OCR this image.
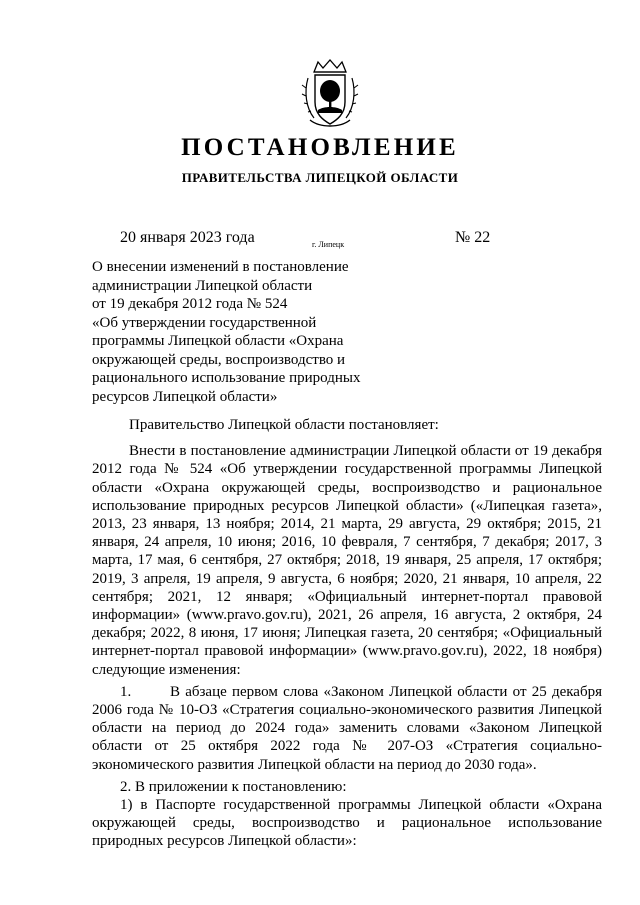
ПОСТАНОВЛЕНИЕ
ПРАВИТЕЛЬСТВА ЛИПЕЦКОЙ ОБЛАСТИ
20 января 2023 года	г. Липецк	№ 22
О внесении изменений в постановление
администрации Липецкой области
от 19 декабря 2012 года № 524
«Об утверждении государственной
программы Липецкой области «Охрана
окружающей среды, воспроизводство и
рационального использование природных
ресурсов Липецкой области»

Правительство Липецкой области постановляет:

Внести в постановление администрации Липецкой области от 19 декабря 2012 года № 524 «Об утверждении государственной программы Липецкой области «Охрана окружающей среды, воспроизводство и рациональное использование природных ресурсов Липецкой области» («Липецкая газета», 2013, 23 января, 13 ноября; 2014, 21 марта, 29 августа, 29 октября; 2015, 21 января, 24 апреля, 10 июня; 2016, 10 февраля, 7 сентября, 7 декабря; 2017, 3 марта, 17 мая, 6 сентября, 27 октября; 2018, 19 января, 25 апреля, 17 октября; 2019, 3 апреля, 19 апреля, 9 августа, 6 ноября; 2020, 21 января, 10 апреля, 22 сентября; 2021, 12 января; «Официальный интернет-портал правовой информации» (www.pravo.gov.ru), 2021, 26 апреля, 16 августа, 2 октября, 24 декабря; 2022, 8 июня, 17 июня; Липецкая газета, 20 сентября; «Официальный интернет-портал правовой информации» (www.pravo.gov.ru), 2022, 18 ноября) следующие изменения:

1.	В абзаце первом слова «Законом Липецкой области от 25 декабря 2006 года № 10-ОЗ «Стратегия социально-экономического развития Липецкой области на период до 2024 года» заменить словами «Законом Липецкой области от 25 октября 2022 года № 207-ОЗ «Стратегия социально-экономического развития Липецкой области на период до 2030 года».

2. В приложении к постановлению:

1) в Паспорте государственной программы Липецкой области «Охрана окружающей среды, воспроизводство и рациональное использование природных ресурсов Липецкой области»:
